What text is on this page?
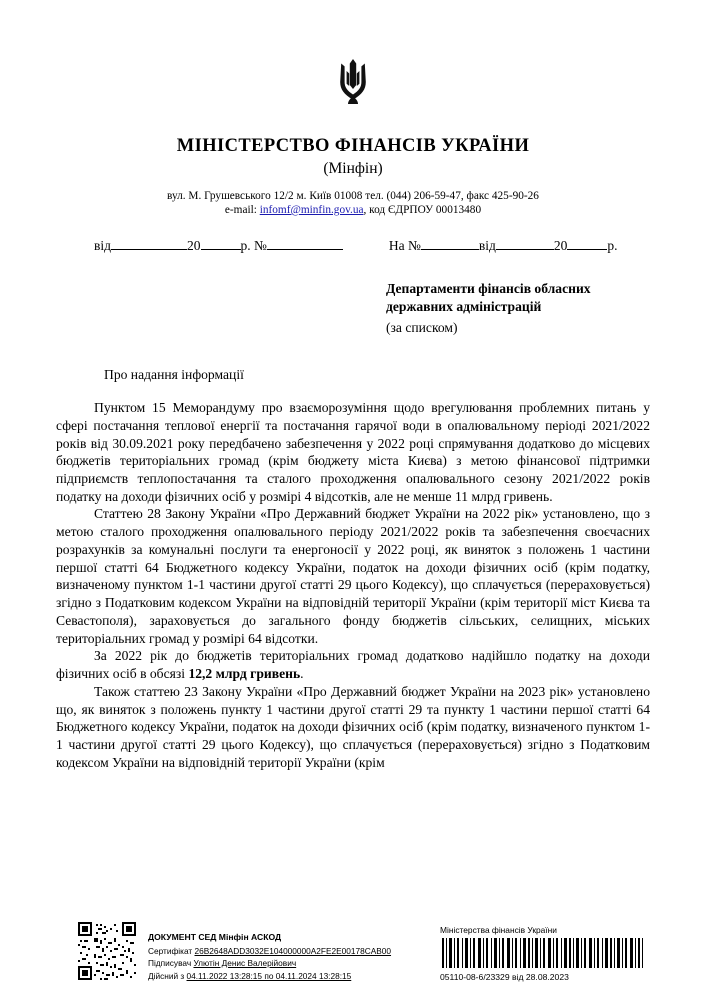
МІНІСТЕРСТВО ФІНАНСІВ УКРАЇНИ
(Мінфін)
вул. М. Грушевського 12/2 м. Київ 01008 тел. (044) 206-59-47, факс 425-90-26
e-mail: infomf@minfin.gov.ua, код ЄДРПОУ 00013480
від	20	р. №	На №	від	20	р.
Департаменти фінансів обласних
державних адміністрацій
(за списком)
Про надання інформації

Пунктом 15 Меморандуму про взаєморозуміння щодо врегулювання проблемних питань у сфері постачання теплової енергії та постачання гарячої води в опалювальному періоді 2021/2022 років від 30.09.2021 року передбачено забезпечення у 2022 році спрямування додатково до місцевих бюджетів територіальних громад (крім бюджету міста Києва) з метою фінансової підтримки підприємств теплопостачання та сталого проходження опалювального сезону 2021/2022 років податку на доходи фізичних осіб у розмірі 4 відсотків, але не менше 11 млрд гривень.

Статтею 28 Закону України «Про Державний бюджет України на 2022 рік» установлено, що з метою сталого проходження опалювального періоду 2021/2022 років та забезпечення своєчасних розрахунків за комунальні послуги та енергоносії у 2022 році, як виняток з положень 1 частини першої статті 64 Бюджетного кодексу України, податок на доходи фізичних осіб (крім податку, визначеному пунктом 1-1 частини другої статті 29 цього Кодексу), що сплачується (перераховується) згідно з Податковим кодексом України на відповідній території України (крім території міст Києва та Севастополя), зараховується до загального фонду бюджетів сільських, селищних, міських територіальних громад у розмірі 64 відсотки.

За 2022 рік до бюджетів територіальних громад додатково надійшло податку на доходи фізичних осіб в обсязі 12,2 млрд гривень.

Також статтею 23 Закону України «Про Державний бюджет України на 2023 рік» установлено що, як виняток з положень пункту 1 частини другої статті 29 та пункту 1 частини першої статті 64 Бюджетного кодексу України, податок на доходи фізичних осіб (крім податку, визначеного пунктом 1-1 частини другої статті 29 цього Кодексу), що сплачується (перераховується) згідно з Податковим кодексом України на відповідній території України (крім

ДОКУМЕНТ СЕД Мінфін АСКОД
Сертифікат 26B2648ADD3032E104000000A2FE2E00178CAB00
Підписувач Улютін Денис Валерійович
Дійсний з 04.11.2022 13:28:15 по 04.11.2024 13:28:15
Міністерства фінансів України
05110-08-6/23329 від 28.08.2023
